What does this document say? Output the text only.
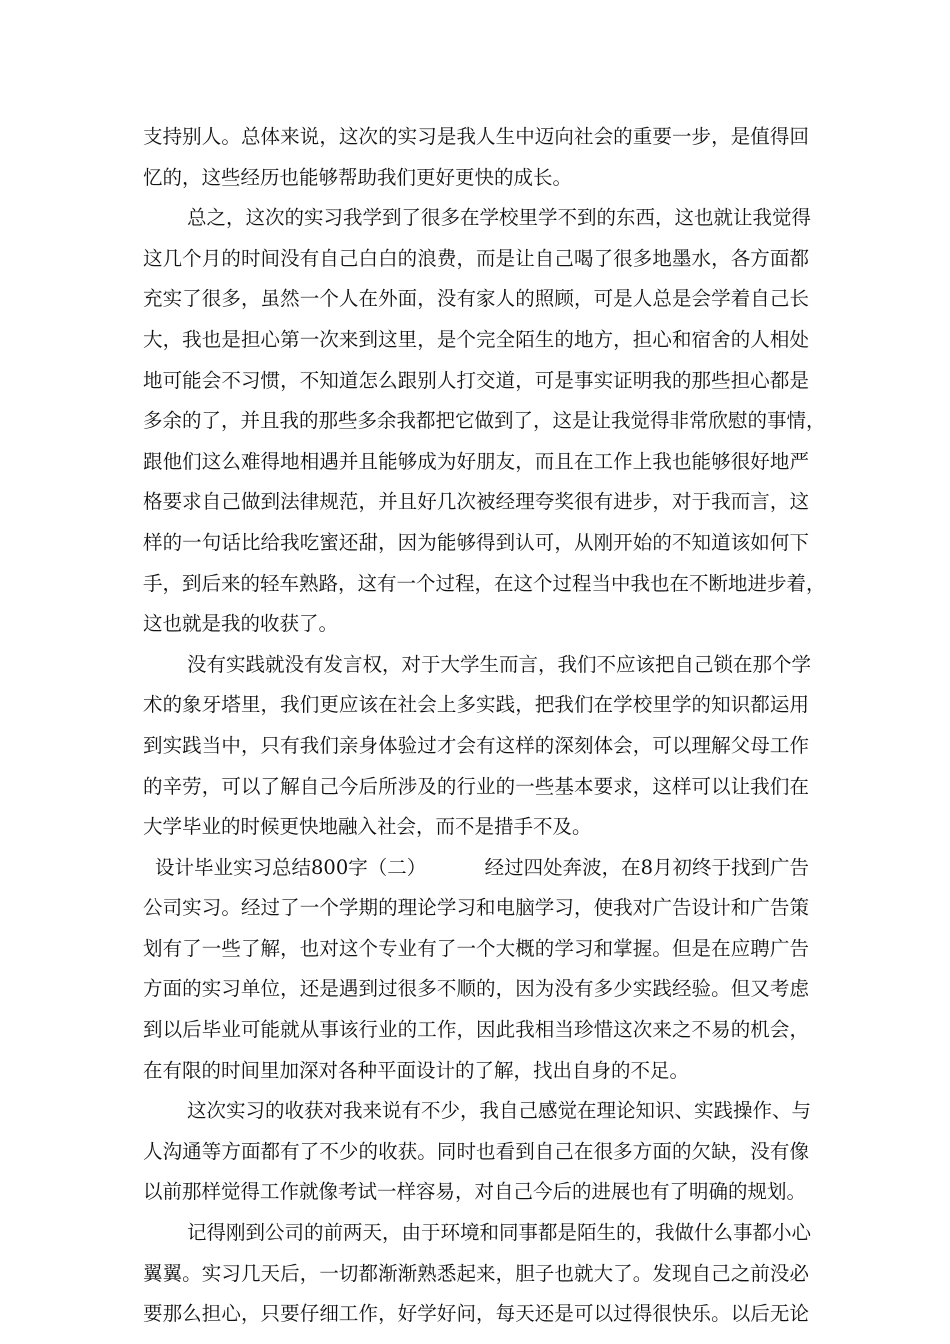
支持别人。总体来说，这次的实习是我人生中迈向社会的重要一步，是值得回
忆的，这些经历也能够帮助我们更好更快的成长。
总之，这次的实习我学到了很多在学校里学不到的东西，这也就让我觉得
这几个月的时间没有自己白白的浪费，而是让自己喝了很多地墨水，各方面都
充实了很多，虽然一个人在外面，没有家人的照顾，可是人总是会学着自己长
大，我也是担心第一次来到这里，是个完全陌生的地方，担心和宿舍的人相处
地可能会不习惯，不知道怎么跟别人打交道，可是事实证明我的那些担心都是
多余的了，并且我的那些多余我都把它做到了，这是让我觉得非常欣慰的事情，
跟他们这么难得地相遇并且能够成为好朋友，而且在工作上我也能够很好地严
格要求自己做到法律规范，并且好几次被经理夸奖很有进步，对于我而言，这
样的一句话比给我吃蜜还甜，因为能够得到认可，从刚开始的不知道该如何下
手，到后来的轻车熟路，这有一个过程，在这个过程当中我也在不断地进步着，
这也就是我的收获了。
没有实践就没有发言权，对于大学生而言，我们不应该把自己锁在那个学
术的象牙塔里，我们更应该在社会上多实践，把我们在学校里学的知识都运用
到实践当中，只有我们亲身体验过才会有这样的深刻体会，可以理解父母工作
的辛劳，可以了解自己今后所涉及的行业的一些基本要求，这样可以让我们在
大学毕业的时候更快地融入社会，而不是措手不及。
设计毕业实习总结800字（二）	经过四处奔波，在8月初终于找到广告
公司实习。经过了一个学期的理论学习和电脑学习，使我对广告设计和广告策
划有了一些了解，也对这个专业有了一个大概的学习和掌握。但是在应聘广告
方面的实习单位，还是遇到过很多不顺的，因为没有多少实践经验。但又考虑
到以后毕业可能就从事该行业的工作，因此我相当珍惜这次来之不易的机会，
在有限的时间里加深对各种平面设计的了解，找出自身的不足。
这次实习的收获对我来说有不少，我自己感觉在理论知识、实践操作、与
人沟通等方面都有了不少的收获。同时也看到自己在很多方面的欠缺，没有像
以前那样觉得工作就像考试一样容易，对自己今后的进展也有了明确的规划。
记得刚到公司的前两天，由于环境和同事都是陌生的，我做什么事都小心
翼翼。实习几天后，一切都渐渐熟悉起来，胆子也就大了。发现自己之前没必
要那么担心，只要仔细工作，好学好问，每天还是可以过得很快乐。以后无论
